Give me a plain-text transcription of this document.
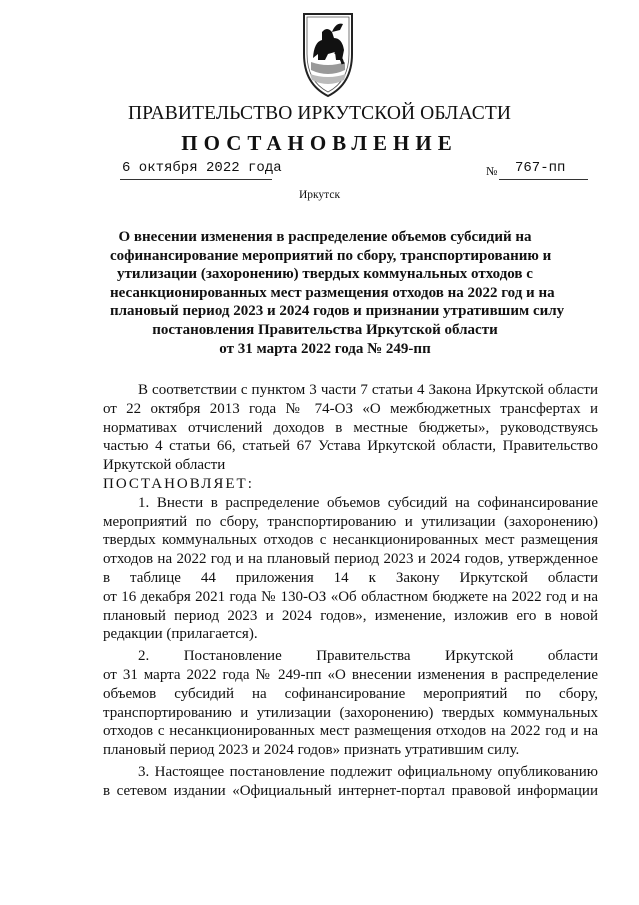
ПРАВИТЕЛЬСТВО ИРКУТСКОЙ ОБЛАСТИ
ПОСТАНОВЛЕНИЕ
6 октября 2022 года	№ 767-пп
Иркутск
О внесении изменения в распределение объемов субсидий на
софинансирование мероприятий по сбору, транспортированию и
утилизации (захоронению) твердых коммунальных отходов с
несанкционированных мест размещения отходов на 2022 год и на
плановый период 2023 и 2024 годов и признании утратившим силу
постановления Правительства Иркутской области
от 31 марта 2022 года № 249-пп
В соответствии с пунктом 3 части 7 статьи 4 Закона Иркутской области
от 22 октября 2013 года № 74-ОЗ «О межбюджетных трансфертах и
нормативах отчислений доходов в местные бюджеты», руководствуясь
частью 4 статьи 66, статьей 67 Устава Иркутской области, Правительство
Иркутской области
ПОСТАНОВЛЯЕТ:
1. Внести в распределение объемов субсидий на софинансирование
мероприятий по сбору, транспортированию и утилизации (захоронению)
твердых коммунальных отходов с несанкционированных мест размещения
отходов на 2022 год и на плановый период 2023 и 2024 годов, утвержденное
в таблице 44 приложения 14 к Закону Иркутской области
от 16 декабря 2021 года № 130-ОЗ «Об областном бюджете на 2022 год и на
плановый период 2023 и 2024 годов», изменение, изложив его в новой
редакции (прилагается).
2. Постановление Правительства Иркутской области
от 31 марта 2022 года № 249-пп «О внесении изменения в распределение
объемов субсидий на софинансирование мероприятий по сбору,
транспортированию и утилизации (захоронению) твердых коммунальных
отходов с несанкционированных мест размещения отходов на 2022 год и на
плановый период 2023 и 2024 годов» признать утратившим силу.
3. Настоящее постановление подлежит официальному опубликованию
в сетевом издании «Официальный интернет-портал правовой информации
